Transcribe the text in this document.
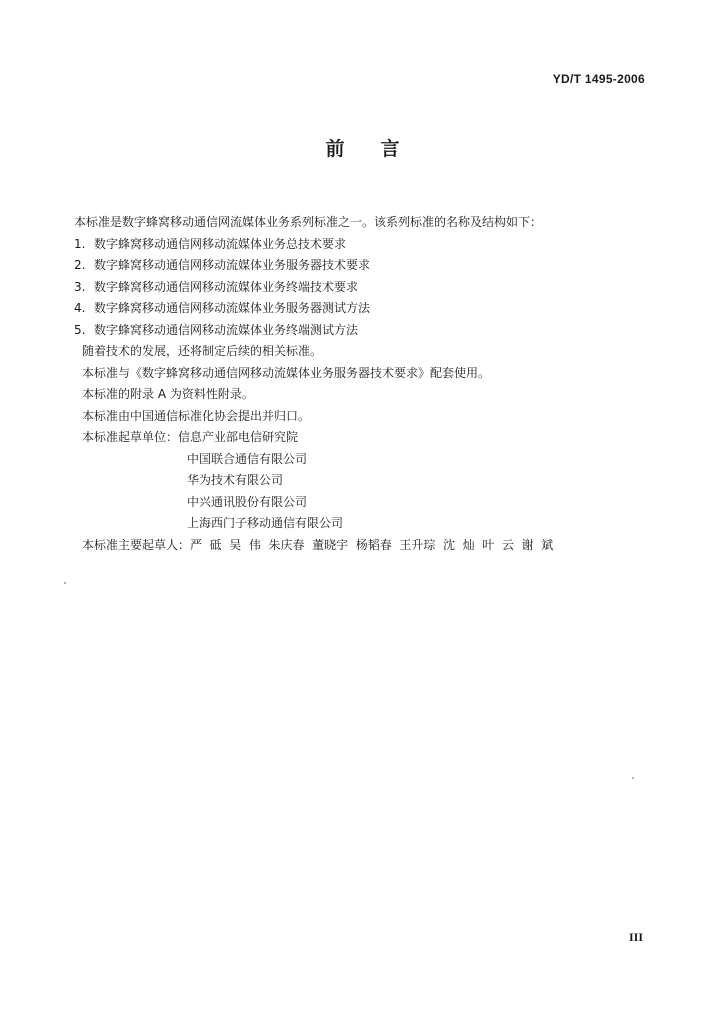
YD/T 1495-2006
前言
本标准是数字蜂窝移动通信网流媒体业务系列标准之一。该系列标准的名称及结构如下：
1. 数字蜂窝移动通信网移动流媒体业务总技术要求
2. 数字蜂窝移动通信网移动流媒体业务服务器技术要求
3. 数字蜂窝移动通信网移动流媒体业务终端技术要求
4. 数字蜂窝移动通信网移动流媒体业务服务器测试方法
5. 数字蜂窝移动通信网移动流媒体业务终端测试方法
随着技术的发展，还将制定后续的相关标准。
本标准与《数字蜂窝移动通信网移动流媒体业务服务器技术要求》配套使用。
本标准的附录 A 为资料性附录。
本标准由中国通信标准化协会提出并归口。
本标准起草单位：信息产业部电信研究院
中国联合通信有限公司
华为技术有限公司
中兴通讯股份有限公司
上海西门子移动通信有限公司
本标准主要起草人：严  砥  吴  伟  朱庆春  董晓宇  杨韬春  王升琮  沈  灿  叶  云  谢  斌
III
